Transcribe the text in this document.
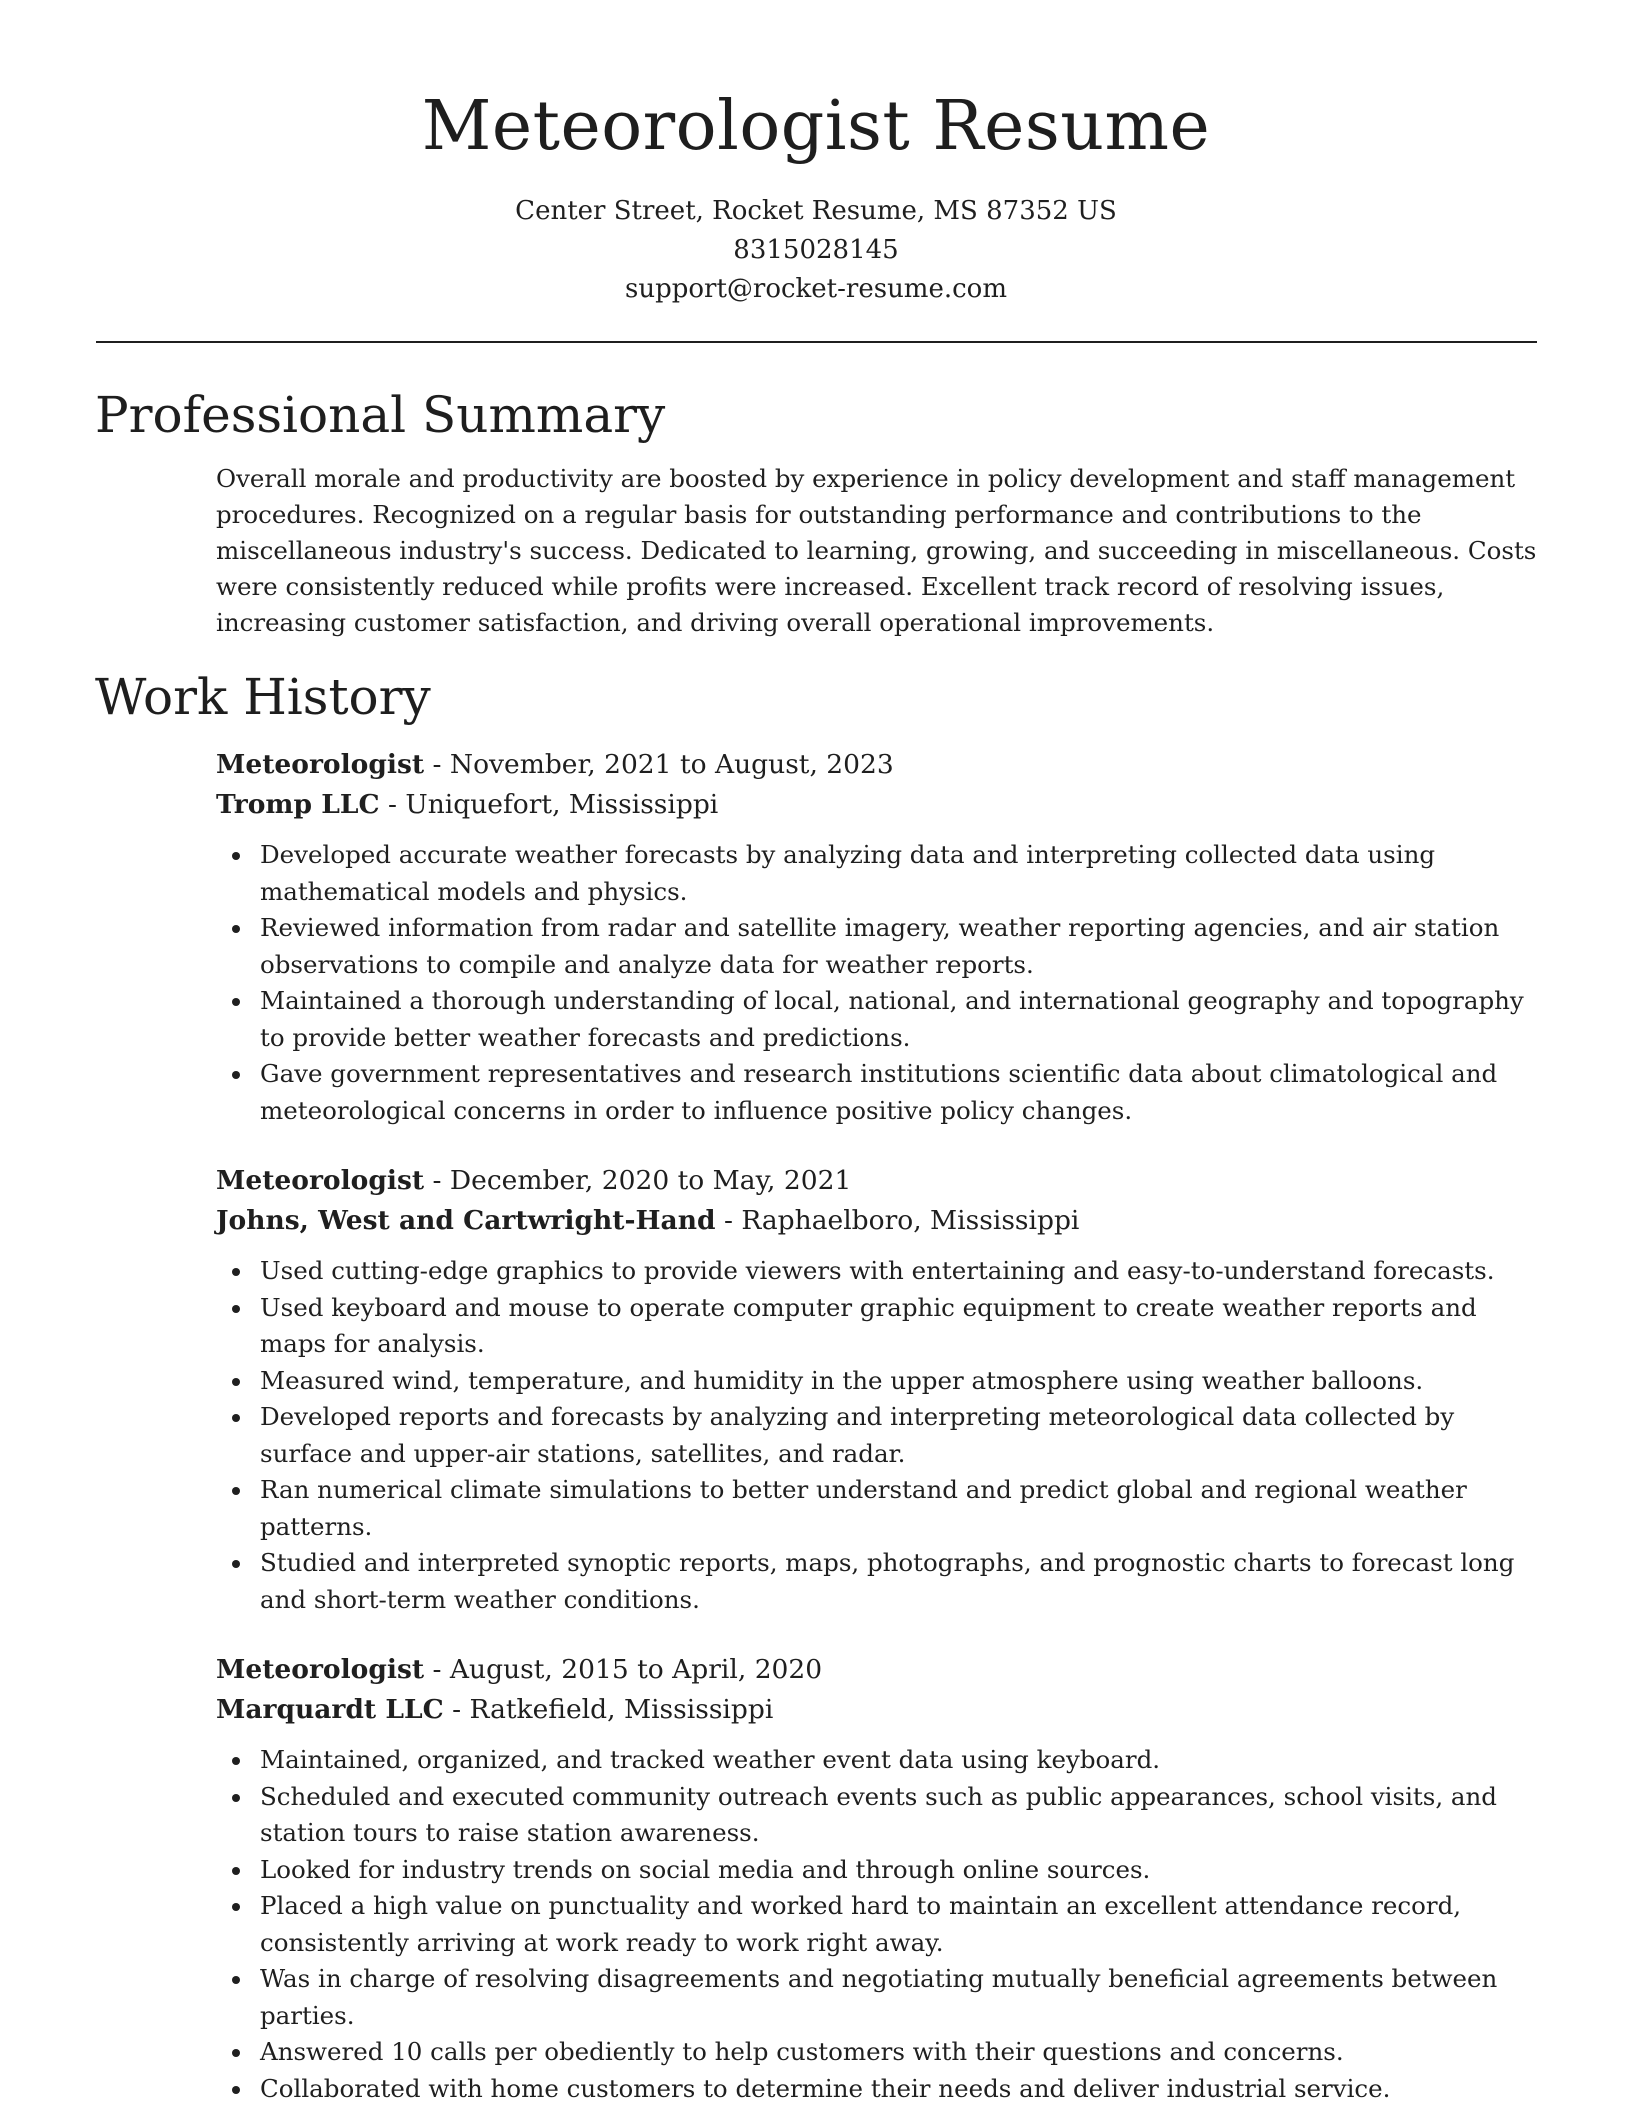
Meteorologist Resume
Center Street, Rocket Resume, MS 87352 US
8315028145
support@rocket-resume.com
Professional Summary

Overall morale and productivity are boosted by experience in policy development and staff management procedures. Recognized on a regular basis for outstanding performance and contributions to the miscellaneous industry's success. Dedicated to learning, growing, and succeeding in miscellaneous. Costs were consistently reduced while profits were increased. Excellent track record of resolving issues, increasing customer satisfaction, and driving overall operational improvements.

Work History
Meteorologist - November, 2021 to August, 2023
Tromp LLC - Uniquefort, Mississippi
Developed accurate weather forecasts by analyzing data and interpreting collected data using mathematical models and physics.
Reviewed information from radar and satellite imagery, weather reporting agencies, and air station observations to compile and analyze data for weather reports.
Maintained a thorough understanding of local, national, and international geography and topography to provide better weather forecasts and predictions.
Gave government representatives and research institutions scientific data about climatological and meteorological concerns in order to influence positive policy changes.
Meteorologist - December, 2020 to May, 2021
Johns, West and Cartwright-Hand - Raphaelboro, Mississippi
Used cutting-edge graphics to provide viewers with entertaining and easy-to-understand forecasts.
Used keyboard and mouse to operate computer graphic equipment to create weather reports and maps for analysis.
Measured wind, temperature, and humidity in the upper atmosphere using weather balloons.
Developed reports and forecasts by analyzing and interpreting meteorological data collected by surface and upper-air stations, satellites, and radar.
Ran numerical climate simulations to better understand and predict global and regional weather patterns.
Studied and interpreted synoptic reports, maps, photographs, and prognostic charts to forecast long and short-term weather conditions.
Meteorologist - August, 2015 to April, 2020
Marquardt LLC - Ratkefield, Mississippi
Maintained, organized, and tracked weather event data using keyboard.
Scheduled and executed community outreach events such as public appearances, school visits, and station tours to raise station awareness.
Looked for industry trends on social media and through online sources.
Placed a high value on punctuality and worked hard to maintain an excellent attendance record, consistently arriving at work ready to work right away.
Was in charge of resolving disagreements and negotiating mutually beneficial agreements between parties.
Answered 10 calls per obediently to help customers with their questions and concerns.
Collaborated with home customers to determine their needs and deliver industrial service.
